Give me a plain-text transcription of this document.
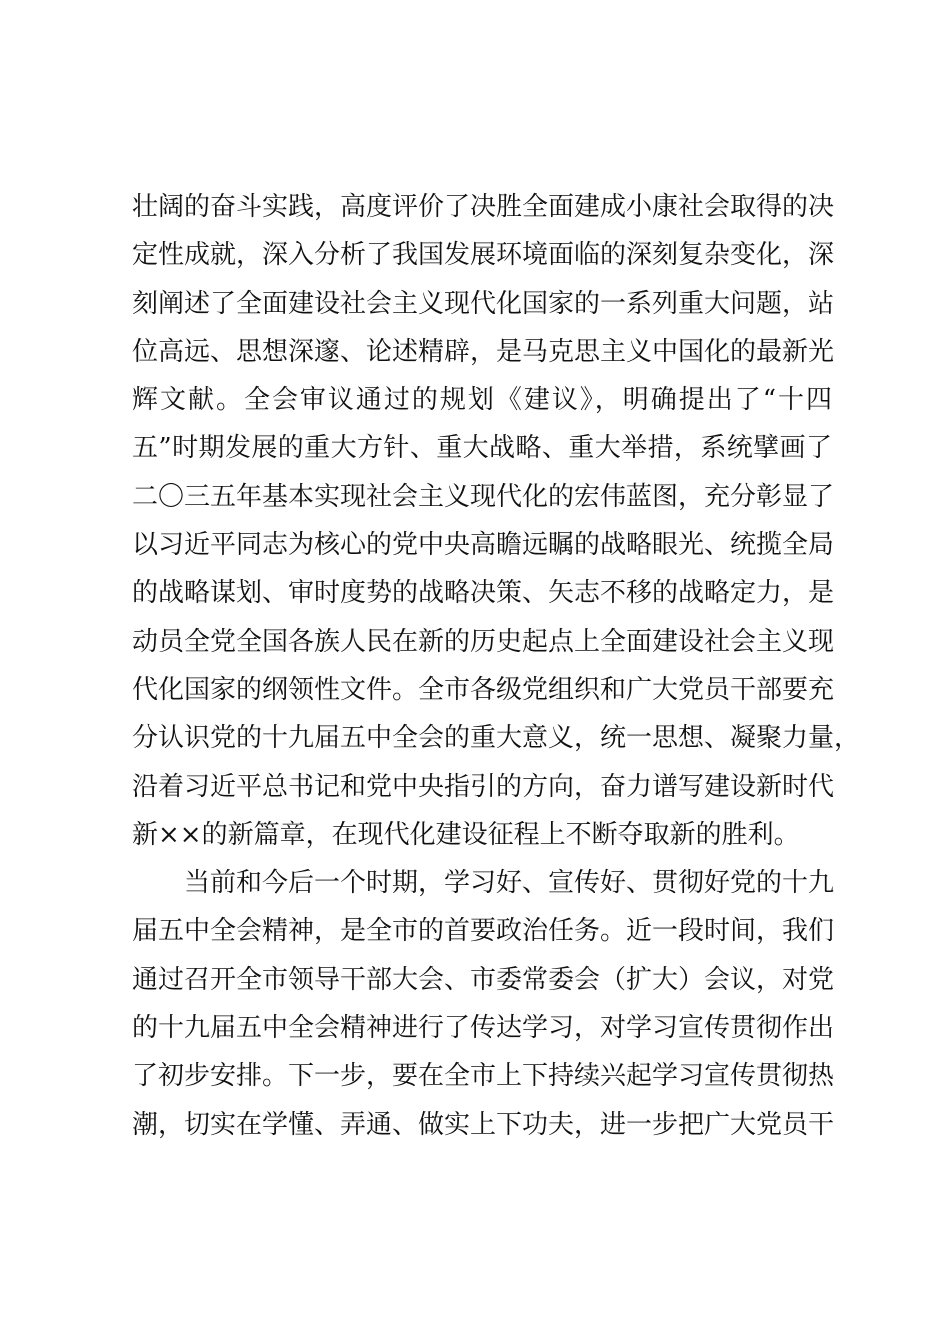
壮阔的奋斗实践，高度评价了决胜全面建成小康社会取得的决
定性成就，深入分析了我国发展环境面临的深刻复杂变化，深
刻阐述了全面建设社会主义现代化国家的一系列重大问题，站
位高远、思想深邃、论述精辟，是马克思主义中国化的最新光
辉文献。全会审议通过的规划《建议》，明确提出了“十四
五”时期发展的重大方针、重大战略、重大举措，系统擘画了
二〇三五年基本实现社会主义现代化的宏伟蓝图，充分彰显了
以习近平同志为核心的党中央高瞻远瞩的战略眼光、统揽全局
的战略谋划、审时度势的战略决策、矢志不移的战略定力，是
动员全党全国各族人民在新的历史起点上全面建设社会主义现
代化国家的纲领性文件。全市各级党组织和广大党员干部要充
分认识党的十九届五中全会的重大意义，统一思想、凝聚力量，
沿着习近平总书记和党中央指引的方向，奋力谱写建设新时代
新××的新篇章，在现代化建设征程上不断夺取新的胜利。
当前和今后一个时期，学习好、宣传好、贯彻好党的十九
届五中全会精神，是全市的首要政治任务。近一段时间，我们
通过召开全市领导干部大会、市委常委会（扩大）会议，对党
的十九届五中全会精神进行了传达学习，对学习宣传贯彻作出
了初步安排。下一步，要在全市上下持续兴起学习宣传贯彻热
潮，切实在学懂、弄通、做实上下功夫，进一步把广大党员干
